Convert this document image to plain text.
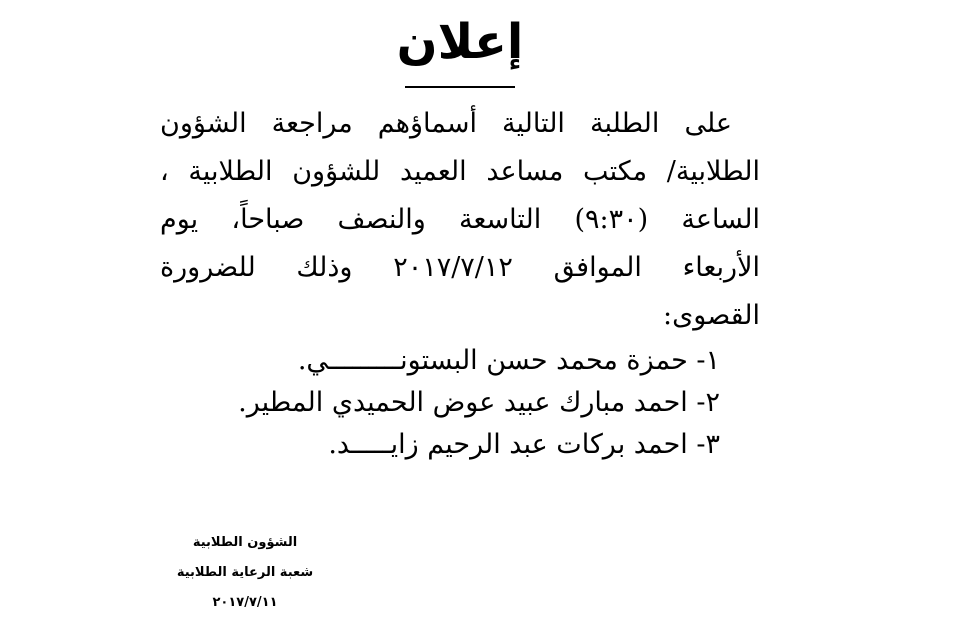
إعلان
على الطلبة التالية أسماؤهم مراجعة الشؤون
الطلابية/ مكتب مساعد العميد للشؤون الطلابية ،
الساعة (٩:٣٠) التاسعة والنصف صباحاً، يوم
الأربعاء الموافق ٢٠١٧/٧/١٢ وذلك للضرورة
القصوى:
١- حمزة محمد حسن البستونـــــــــي.
٢- احمد مبارك عبيد عوض الحميدي المطير.
٣- احمد بركات عبد الرحيم زايـــــد.
الشؤون الطلابية
شعبة الرعاية الطلابية
٢٠١٧/٧/١١
